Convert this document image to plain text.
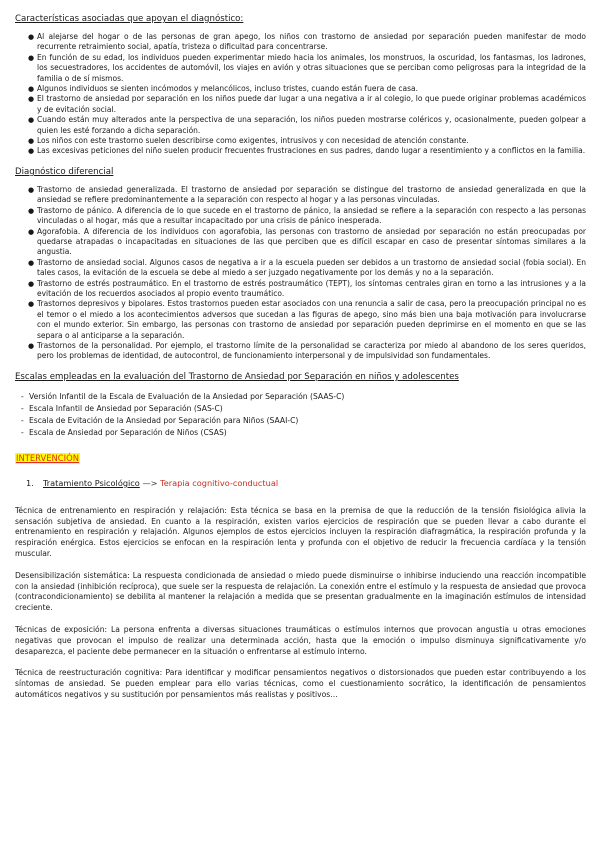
Características asociadas que apoyan el diagnóstico:
● Al alejarse del hogar o de las personas de gran apego, los niños con trastorno de ansiedad por separación pueden manifestar de modo recurrente retraimiento social, apatía, tristeza o dificultad para concentrarse.
● En función de su edad, los individuos pueden experimentar miedo hacia los animales, los monstruos, la oscuridad, los fantasmas, los ladrones, los secuestradores, los accidentes de automóvil, los viajes en avión y otras situaciones que se perciban como peligrosas para la integridad de la familia o de sí mismos.
● Algunos individuos se sienten incómodos y melancólicos, incluso tristes, cuando están fuera de casa.
● El trastorno de ansiedad por separación en los niños puede dar lugar a una negativa a ir al colegio, lo que puede originar problemas académicos y de evitación social.
● Cuando están muy alterados ante la perspectiva de una separación, los niños pueden mostrarse coléricos y, ocasionalmente, pueden golpear a quien les esté forzando a dicha separación.
● Los niños con este trastorno suelen describirse como exigentes, intrusivos y con necesidad de atención constante.
● Las excesivas peticiones del niño suelen producir frecuentes frustraciones en sus padres, dando lugar a resentimiento y a conflictos en la familia.
Diagnóstico diferencial
● Trastorno de ansiedad generalizada. El trastorno de ansiedad por separación se distingue del trastorno de ansiedad generalizada en que la ansiedad se refiere predominantemente a la separación con respecto al hogar y a las personas vinculadas.
● Trastorno de pánico. A diferencia de lo que sucede en el trastorno de pánico, la ansiedad se refiere a la separación con respecto a las personas vinculadas o al hogar, más que a resultar incapacitado por una crisis de pánico inesperada.
● Agorafobia. A diferencia de los individuos con agorafobia, las personas con trastorno de ansiedad por separación no están preocupadas por quedarse atrapadas o incapacitadas en situaciones de las que perciben que es difícil escapar en caso de presentar síntomas similares a la angustia.
● Trastorno de ansiedad social. Algunos casos de negativa a ir a la escuela pueden ser debidos a un trastorno de ansiedad social (fobia social). En tales casos, la evitación de la escuela se debe al miedo a ser juzgado negativamente por los demás y no a la separación.
● Trastorno de estrés postraumático. En el trastorno de estrés postraumático (TEPT), los síntomas centrales giran en torno a las intrusiones y a la evitación de los recuerdos asociados al propio evento traumático.
● Trastornos depresivos y bipolares. Estos trastornos pueden estar asociados con una renuncia a salir de casa, pero la preocupación principal no es el temor o el miedo a los acontecimientos adversos que sucedan a las figuras de apego, sino más bien una baja motivación para involucrarse con el mundo exterior. Sin embargo, las personas con trastorno de ansiedad por separación pueden deprimirse en el momento en que se las separa o al anticiparse a la separación.
● Trastornos de la personalidad. Por ejemplo, el trastorno límite de la personalidad se caracteriza por miedo al abandono de los seres queridos, pero los problemas de identidad, de autocontrol, de funcionamiento interpersonal y de impulsividad son fundamentales.
Escalas empleadas en la evaluación del Trastorno de Ansiedad por Separación en niños y adolescentes
- Versión Infantil de la Escala de Evaluación de la Ansiedad por Separación (SAAS-C)
- Escala Infantil de Ansiedad por Separación (SAS-C)
- Escala de Evitación de la Ansiedad por Separación para Niños (SAAI-C)
- Escala de Ansiedad por Separación de Niños (CSAS)
INTERVENCIÓN
1. Tratamiento Psicológico —> Terapia cognitivo-conductual

Técnica de entrenamiento en respiración y relajación: Esta técnica se basa en la premisa de que la reducción de la tensión fisiológica alivia la sensación subjetiva de ansiedad. En cuanto a la respiración, existen varios ejercicios de respiración que se pueden llevar a cabo durante el entrenamiento en respiración y relajación. Algunos ejemplos de estos ejercicios incluyen la respiración diafragmática, la respiración profunda y la respiración enérgica. Estos ejercicios se enfocan en la respiración lenta y profunda con el objetivo de reducir la frecuencia cardíaca y la tensión muscular.

Desensibilización sistemática: La respuesta condicionada de ansiedad o miedo puede disminuirse o inhibirse induciendo una reacción incompatible con la ansiedad (inhibición recíproca), que suele ser la respuesta de relajación. La conexión entre el estímulo y la respuesta de ansiedad que provoca (contracondicionamiento) se debilita al mantener la relajación a medida que se presentan gradualmente en la imaginación estímulos de intensidad creciente.

Técnicas de exposición: La persona enfrenta a diversas situaciones traumáticas o estímulos internos que provocan angustia u otras emociones negativas que provocan el impulso de realizar una determinada acción, hasta que la emoción o impulso disminuya significativamente y/o desaparezca, el paciente debe permanecer en la situación o enfrentarse al estímulo interno.

Técnica de reestructuración cognitiva: Para identificar y modificar pensamientos negativos o distorsionados que pueden estar contribuyendo a los síntomas de ansiedad. Se pueden emplear para ello varias técnicas, como el cuestionamiento socrático, la identificación de pensamientos automáticos negativos y su sustitución por pensamientos más realistas y positivos…
